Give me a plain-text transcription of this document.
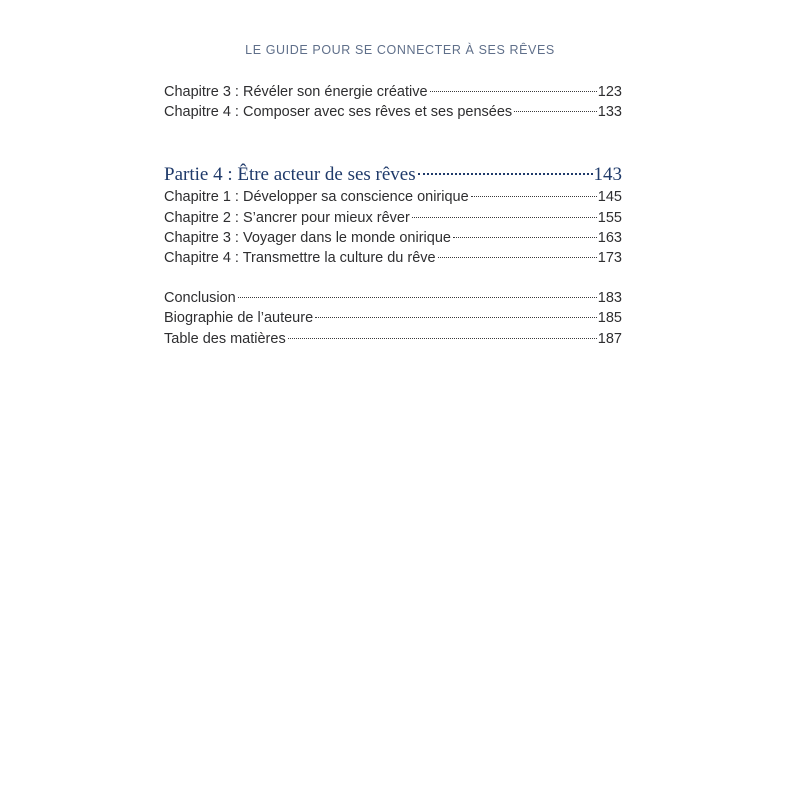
LE GUIDE POUR SE CONNECTER À SES RÊVES
Chapitre 3 : Révéler son énergie créative	123
Chapitre 4 : Composer avec ses rêves et ses pensées	133
Partie 4 : Être acteur de ses rêves	143
Chapitre 1 : Développer sa conscience onirique	145
Chapitre 2 : S’ancrer pour mieux rêver	155
Chapitre 3 : Voyager dans le monde onirique	163
Chapitre 4 : Transmettre la culture du rêve	173
Conclusion	183
Biographie de l’auteure	185
Table des matières	187
